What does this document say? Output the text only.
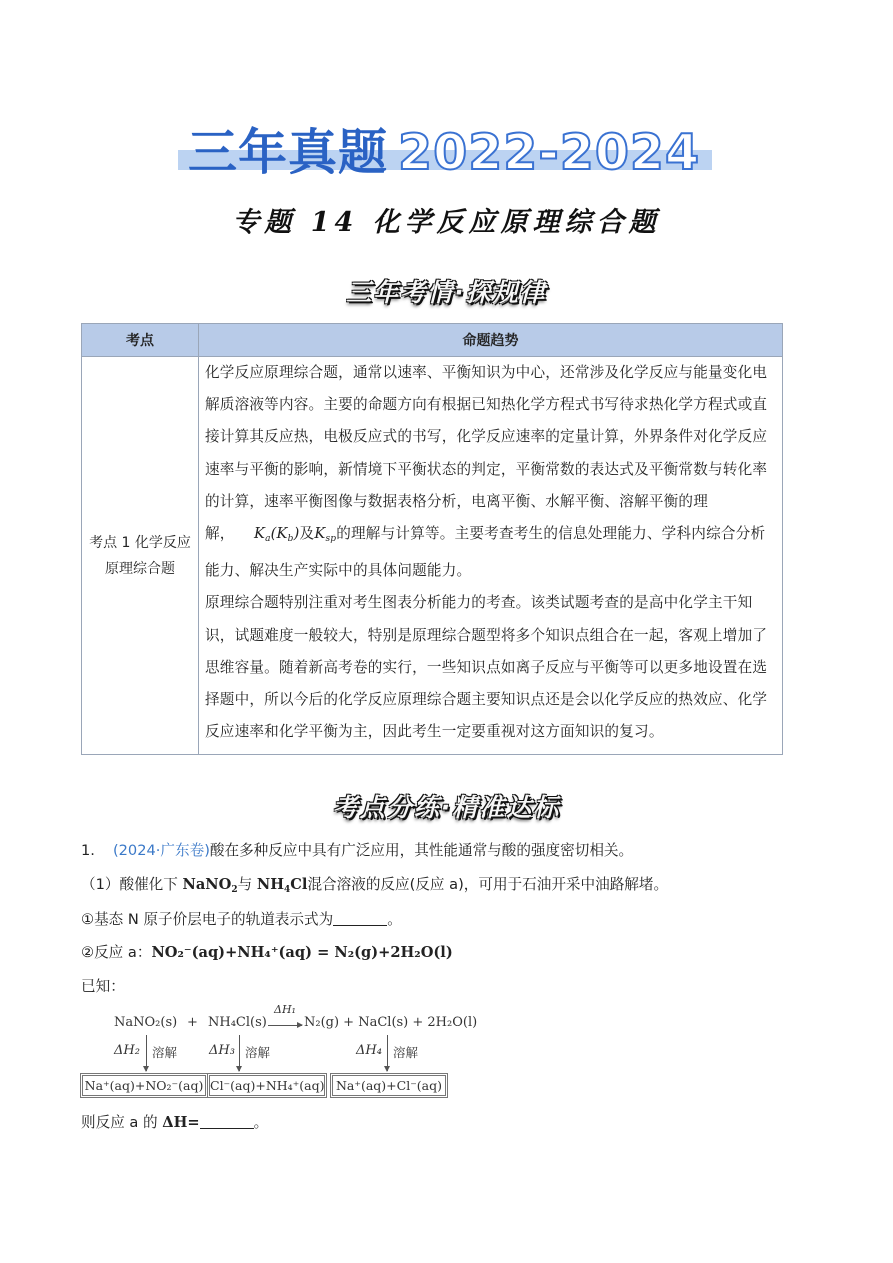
三年真题 2022-2024
专题 14 化学反应原理综合题
三年考情·探规律
考点	命题趋势
考点 1 化学反应原理综合题	化学反应原理综合题，通常以速率、平衡知识为中心，还常涉及化学反应与能量变化电解质溶液等内容。主要的命题方向有根据已知热化学方程式书写待求热化学方程式或直接计算其反应热，电极反应式的书写，化学反应速率的定量计算，外界条件对化学反应速率与平衡的影响，新情境下平衡状态的判定，平衡常数的表达式及平衡常数与转化率的计算，速率平衡图像与数据表格分析，电离平衡、水解平衡、溶解平衡的理解， $K_a(K_b)$及$K_{sp}$的理解与计算等。主要考查考生的信息处理能力、学科内综合分析能力、解决生产实际中的具体问题能力。

原理综合题特别注重对考生图表分析能力的考查。该类试题考查的是高中化学主干知识，试题难度一般较大，特别是原理综合题型将多个知识点组合在一起，客观上增加了思维容量。随着新高考卷的实行，一些知识点如离子反应与平衡等可以更多地设置在选择题中，所以今后的化学反应原理综合题主要知识点还是会以化学反应的热效应、化学反应速率和化学平衡为主，因此考生一定要重视对这方面知识的复习。

考点分练·精准达标
1. (2024·广东卷)酸在多种反应中具有广泛应用，其性能通常与酸的强度密切相关。
（1）酸催化下 NaNO$_2$与 $NH_4Cl$混合溶液的反应(反应 a)，可用于石油开采中油路解堵。
①基态 N 原子价层电子的轨道表示式为	。
②反应 a：NO₂⁻(aq)+NH₄⁺(aq) = N₂(g)+2H₂O(l)
已知：
NaNO₂(s) + NH₄Cl(s)
ΔH₁
N₂(g) + NaCl(s) + 2H₂O(l)
ΔH₂ 溶解 ΔH₃ 溶解	ΔH₄ 溶解
Na⁺(aq)+NO₂⁻(aq) Cl⁻(aq)+NH₄⁺(aq) Na⁺(aq)+Cl⁻(aq)
则反应 a 的 ΔH=	。
